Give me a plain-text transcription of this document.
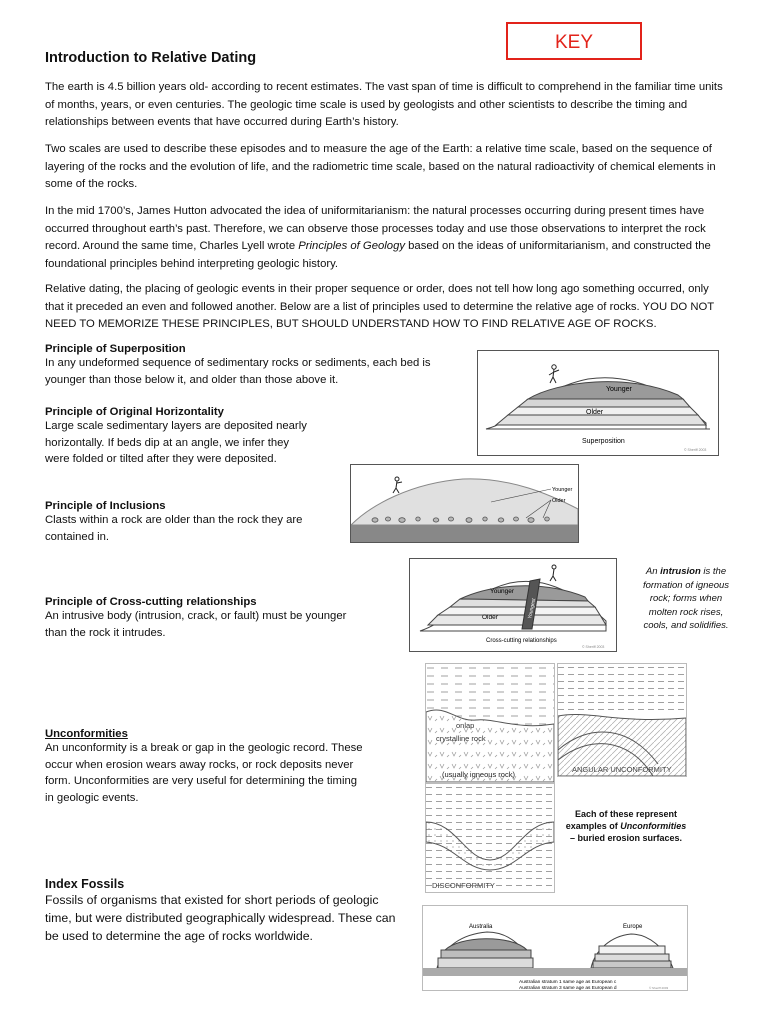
Introduction to Relative Dating
KEY
The earth is 4.5 billion years old- according to recent estimates. The vast span of time is difficult to comprehend in the familiar time units of months, years, or even centuries. The geologic time scale is used by geologists and other scientists to describe the timing and relationships between events that have occurred during Earth’s history.
Two scales are used to describe these episodes and to measure the age of the Earth: a relative time scale, based on the sequence of layering of the rocks and the evolution of life, and the radiometric time scale, based on the natural radioactivity of chemical elements in some of the rocks.
In the mid 1700’s, James Hutton advocated the idea of uniformitarianism: the natural processes occurring during present times have occurred throughout earth’s past. Therefore, we can observe those processes today and use those observations to interpret the rock record. Around the same time, Charles Lyell wrote Principles of Geology based on the ideas of uniformitarianism, and constructed the foundational principles behind interpreting geologic history.
Relative dating, the placing of geologic events in their proper sequence or order, does not tell how long ago something occurred, only that it preceded an even and followed another. Below are a list of principles used to determine the relative age of rocks. YOU DO NOT NEED TO MEMORIZE THESE PRINCIPLES, BUT SHOULD UNDERSTAND HOW TO FIND RELATIVE AGE OF ROCKS.
Principle of Superposition
In any undeformed sequence of sedimentary rocks or sediments, each bed is younger than those below it, and older than those above it.
Principle of Original Horizontality
Large scale sedimentary layers are deposited nearly horizontally. If beds dip at an angle, we infer they were folded or tilted after they were deposited.
Principle of Inclusions
Clasts within a rock are older than the rock they are contained in.
Principle of Cross-cutting relationships
An intrusive body (intrusion, crack, or fault) must be younger than the rock it intrudes.
Unconformities
An unconformity is a break or gap in the geologic record. These occur when erosion wears away rocks, or rock deposits never form. Unconformities are very useful for determining the timing in geologic events.
Index Fossils
Fossils of organisms that existed for short periods of geologic time, but were distributed geographically widespread. These can be used to determine the age of rocks worldwide.
Younger
Older
Superposition
© Sheriff 2003
Younger
Older
Younger
Older	Youngest
Cross-cutting relationships
© Sheriff 2003
An intrusion is the formation of igneous rock; forms when molten rock rises, cools, and solidifies.
onlap
crystalline rock
(usually igneous rock)
ANGULAR UNCONFORMITY
DISCONFORMITY
Each of these represent examples of Unconformities – buried erosion surfaces.
Australia	Europe
Australian stratum 1 same age as European c
Australian stratum 3 same age as European d	© Sheriff 2003
